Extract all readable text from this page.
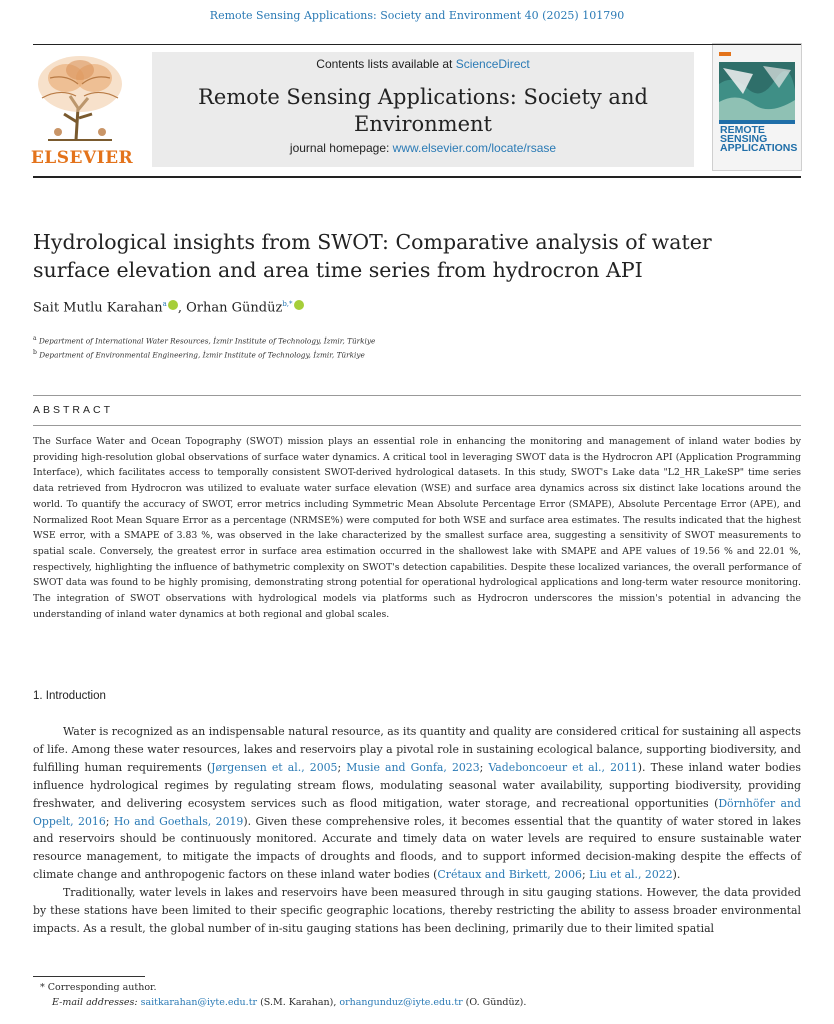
Remote Sensing Applications: Society and Environment 40 (2025) 101790
ELSEVIER
Contents lists available at ScienceDirect
Remote Sensing Applications: Society and Environment
journal homepage: www.elsevier.com/locate/rsase
REMOTE SENSING APPLICATIONS
Hydrological insights from SWOT: Comparative analysis of water surface elevation and area time series from hydrocron API
Sait Mutlu Karahan$^a$ , Orhan Gündüz$^{b,*}$
$^a$ Department of International Water Resources, İzmir Institute of Technology, İzmir, Türkiye
$^b$ Department of Environmental Engineering, İzmir Institute of Technology, İzmir, Türkiye
ABSTRACT
The Surface Water and Ocean Topography (SWOT) mission plays an essential role in enhancing the monitoring and management of inland water bodies by providing high-resolution global observations of surface water dynamics. A critical tool in leveraging SWOT data is the Hydrocron API (Application Programming Interface), which facilitates access to temporally consistent SWOT-derived hydrological datasets. In this study, SWOT's Lake data "L2_HR_LakeSP" time series data retrieved from Hydrocron was utilized to evaluate water surface elevation (WSE) and surface area dynamics across six distinct lake locations around the world. To quantify the accuracy of SWOT, error metrics including Symmetric Mean Absolute Percentage Error (SMAPE), Absolute Percentage Error (APE), and Normalized Root Mean Square Error as a percentage (NRMSE%) were computed for both WSE and surface area estimates. The results indicated that the highest WSE error, with a SMAPE of 3.83 %, was observed in the lake characterized by the smallest surface area, suggesting a sensitivity of SWOT measurements to spatial scale. Conversely, the greatest error in surface area estimation occurred in the shallowest lake with SMAPE and APE values of 19.56 % and 22.01 %, respectively, highlighting the influence of bathymetric complexity on SWOT's detection capabilities. Despite these localized variances, the overall performance of SWOT data was found to be highly promising, demonstrating strong potential for operational hydrological applications and long-term water resource monitoring. The integration of SWOT observations with hydrological models via platforms such as Hydrocron underscores the mission's potential in advancing the understanding of inland water dynamics at both regional and global scales.
1. Introduction

Water is recognized as an indispensable natural resource, as its quantity and quality are considered critical for sustaining all aspects of life. Among these water resources, lakes and reservoirs play a pivotal role in sustaining ecological balance, supporting biodiversity, and fulfilling human requirements (Jørgensen et al., 2005; Musie and Gonfa, 2023; Vadeboncoeur et al., 2011). These inland water bodies influence hydrological regimes by regulating stream flows, modulating seasonal water availability, supporting biodiversity, providing freshwater, and delivering ecosystem services such as flood mitigation, water storage, and recreational opportunities (Dörnhöfer and Oppelt, 2016; Ho and Goethals, 2019). Given these comprehensive roles, it becomes essential that the quantity of water stored in lakes and reservoirs should be continuously monitored. Accurate and timely data on water levels are required to ensure sustainable water resource management, to mitigate the impacts of droughts and floods, and to support informed decision-making despite the effects of climate change and anthropogenic factors on these inland water bodies (Crétaux and Birkett, 2006; Liu et al., 2022).

Traditionally, water levels in lakes and reservoirs have been measured through in situ gauging stations. However, the data provided by these stations have been limited to their specific geographic locations, thereby restricting the ability to assess broader environmental impacts. As a result, the global number of in-situ gauging stations has been declining, primarily due to their limited spatial

* Corresponding author.
E-mail addresses: saitkarahan@iyte.edu.tr (S.M. Karahan), orhangunduz@iyte.edu.tr (O. Gündüz).
